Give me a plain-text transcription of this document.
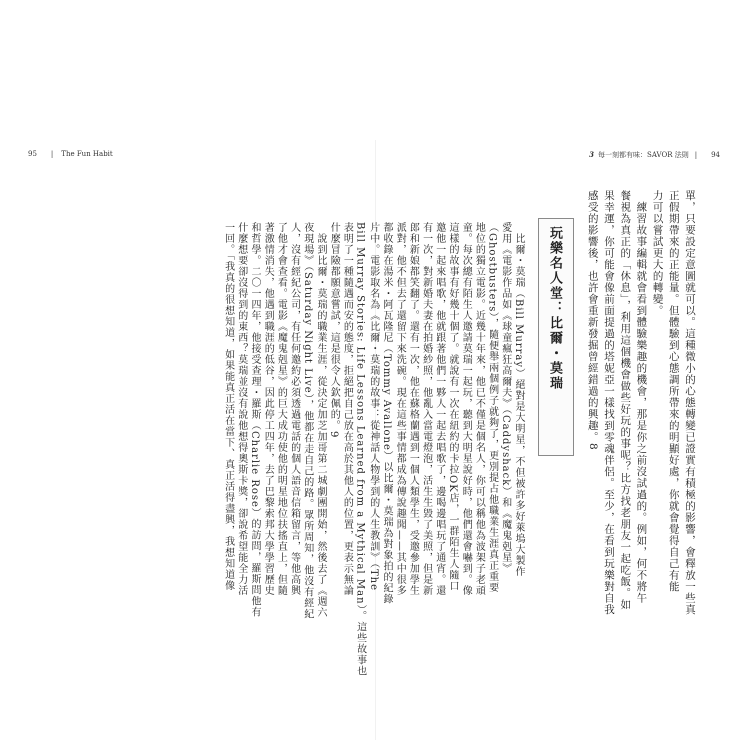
95 | The Fun Habit	3 每一刻都有味：SAVOR 法則 | 94
單，只要設定意圖就可以。這種微小的心態轉變已證實有積極的影響，會釋放一些真
正假期帶來的正能量。但體驗到心態調所帶來的明顯好處，你就會覺得自己有能
力可以嘗試更大的轉變。
　練習故事編輯就會看到體驗樂趣的機會，那是你之前沒試過的。例如，何不將午
餐視為真正的「休息」，利用這個機會做些好玩的事呢？比方找老朋友一起吃飯。如
果幸運，你可能會像前面提過的塔妮亞一樣找到零魂伴侶。至少，在看到玩樂對自我
感受的影響後，也許會重新發掘曾經錯過的興趣。8
玩樂名人堂：比爾・莫瑞
　比爾・莫瑞（Bill Murray）絕對是大明星，不但被許多好萊塢大製作
愛用《電影作品如《球童瘋狂高爾夫》（Caddyshack）和《魔鬼剋星》
（Ghostbusters），隨便舉兩個例子就夠了，更別提占他職業生涯真正重要
地位的獨立電影。近幾十年來，他已不僅是個名人，你可以稱他為波架子老頑
童。每次總有陌生人邀請莫瑞一起玩，聽到大明星說好時，他們還會嚇到。像
這樣的故事有好幾十個了。就說有一次在紐約的卡拉OK店，一群陌生人隨口
邀他一起來唱歌，他就跟著他們一夥人一起去唱歌了，邊喝邊唱玩了通宵。還
有一次，對新婚夫妻在拍婚紗照，他亂入當電燈泡，活生生毀了美照，但是新
郎和新娘都笑翻了。還有一次，他在蘇格蘭遇到一個人類學生，受邀參加學生
派對，他不但去了還留下來洗碗。現在這些事情都成為傳說趣聞——其中很多
都收錄在湯米・阿瓦隆尼（Tommy Avallone）以比爾・莫瑞為對象拍的紀錄
片中。電影取名為《比爾・莫瑞的故事：從神話人物學到的人生教訓》（The
Bill Murray Stories: Life Lessons Learned from a Mythical Man）。這些故事也
表明了一種隨遇而安的態度，拒絕把自己放在高於其他人的位置，更表示無論
什麼冒險都願意嘗試，這是很令人欽佩的。9
　說到比爾・莫瑞的職業生涯，從決定加芝加哥第二城劇團開始，然後去了《週六
夜現場》（Saturday Night Live），他都在走自己的路。眾所周知，他沒有經紀
人，沒有經紀公司，有任何邀約必須透過電話的個人語音信箱留言，等他高興
了他才會查看。電影《魔鬼剋星》的巨大成功使他的明星地位扶搖直上，但隨
著激情消失，他遇到職涯的低谷，因此停工四年，去了巴黎索邦大學學習歷史
和哲學。二〇一四年，他接受查理・羅斯（Charlie Rose）的訪問，羅斯問他有
什麼想要卻沒得到的東西？莫瑞並沒有說他想得奧斯卡獎，卻說希望能全力活
一回。「我真的很想知道，如果能真正活在當下、真正活得盡興，我想知道像
